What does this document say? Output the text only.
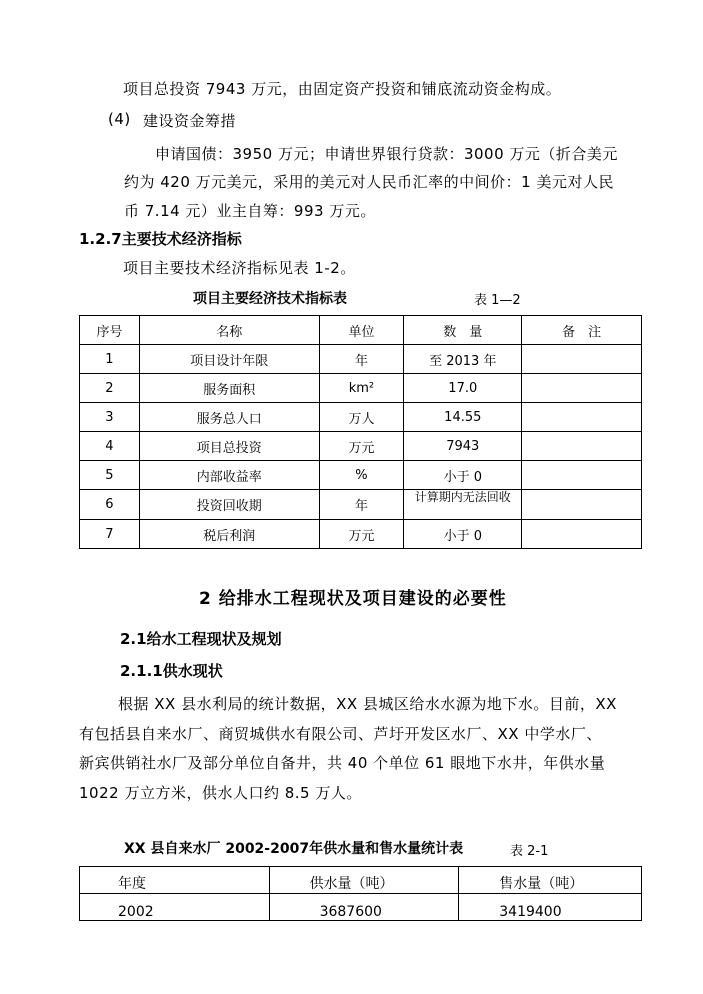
项目总投资 7943 万元，由固定资产投资和铺底流动资金构成。
(4) 建设资金筹措
申请国债：3950 万元；申请世界银行贷款：3000 万元（折合美元
约为 420 万元美元，采用的美元对人民币汇率的中间价：1 美元对人民
币 7.14 元）业主自筹：993 万元。
1.2.7主要技术经济指标
项目主要技术经济指标见表 1-2。
项目主要经济技术指标表	表 1—2
序号	名称	单位	数　量	备　注
1	项目设计年限	年	至 2013 年	
2	服务面积	km²	17.0	
3	服务总人口	万人	14.55	
4	项目总投资	万元	7943	
5	内部收益率	%	小于 0	
6	投资回收期	年	计算期内无法回收	
7	税后利润	万元	小于 0	
2 给排水工程现状及项目建设的必要性
2.1给水工程现状及规划
2.1.1供水现状
根据 XX 县水利局的统计数据，XX 县城区给水水源为地下水。目前，XX
有包括县自来水厂、商贸城供水有限公司、芦圩开发区水厂、XX 中学水厂、
新宾供销社水厂及部分单位自备井，共 40 个单位 61 眼地下水井，年供水量
1022 万立方米，供水人口约 8.5 万人。
XX 县自来水厂 2002-2007年供水量和售水量统计表	表 2-1
年度	供水量（吨）	售水量（吨）
2002	3687600	3419400
